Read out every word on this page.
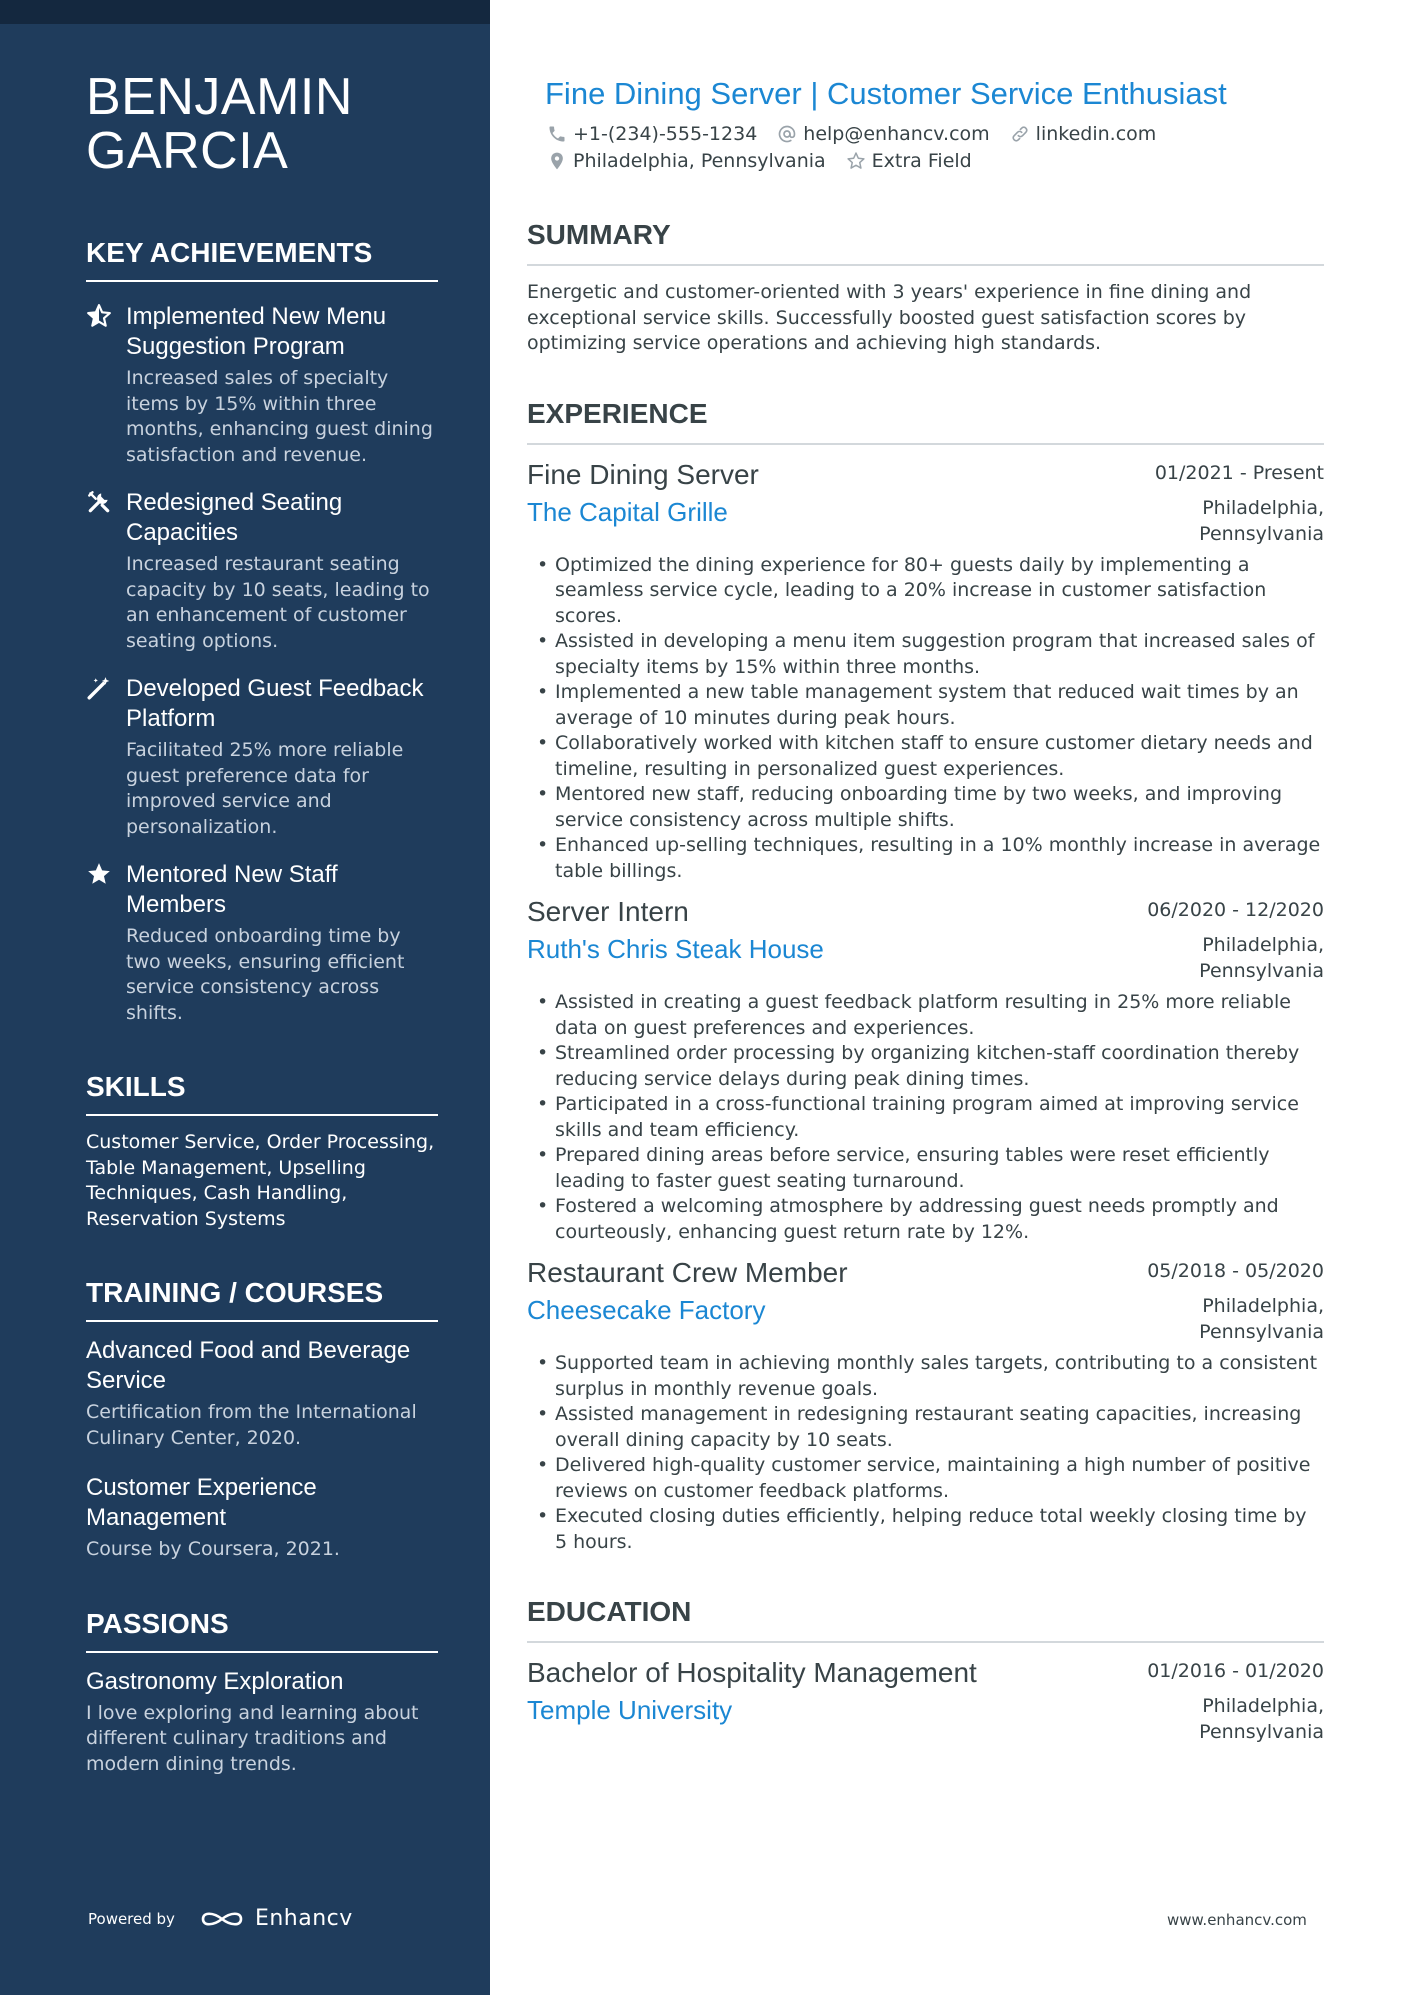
BENJAMIN GARCIA
KEY ACHIEVEMENTS
Implemented New Menu Suggestion Program
Increased sales of specialty items by 15% within three months, enhancing guest dining satisfaction and revenue.
Redesigned Seating Capacities
Increased restaurant seating capacity by 10 seats, leading to an enhancement of customer seating options.
Developed Guest Feedback Platform
Facilitated 25% more reliable guest preference data for improved service and personalization.
Mentored New Staff Members
Reduced onboarding time by two weeks, ensuring efficient service consistency across shifts.
SKILLS
Customer Service, Order Processing, Table Management, Upselling Techniques, Cash Handling, Reservation Systems
TRAINING / COURSES
Advanced Food and Beverage Service
Certification from the International Culinary Center, 2020.
Customer Experience Management
Course by Coursera, 2021.
PASSIONS
Gastronomy Exploration
I love exploring and learning about different culinary traditions and modern dining trends.
Powered by	Enhancv
Fine Dining Server | Customer Service Enthusiast
+1-(234)-555-1234 help@enhancv.com linkedin.com
Philadelphia, Pennsylvania Extra Field
SUMMARY

Energetic and customer-oriented with 3 years' experience in fine dining and exceptional service skills. Successfully boosted guest satisfaction scores by optimizing service operations and achieving high standards.

EXPERIENCE
Fine Dining Server	01/2021 - Present
The Capital Grille	Philadelphia, Pennsylvania
• Optimized the dining experience for 80+ guests daily by implementing a seamless service cycle, leading to a 20% increase in customer satisfaction scores.
• Assisted in developing a menu item suggestion program that increased sales of specialty items by 15% within three months.
• Implemented a new table management system that reduced wait times by an average of 10 minutes during peak hours.
• Collaboratively worked with kitchen staff to ensure customer dietary needs and timeline, resulting in personalized guest experiences.
• Mentored new staff, reducing onboarding time by two weeks, and improving service consistency across multiple shifts.
• Enhanced up-selling techniques, resulting in a 10% monthly increase in average table billings.
Server Intern	06/2020 - 12/2020
Ruth's Chris Steak House	Philadelphia, Pennsylvania
• Assisted in creating a guest feedback platform resulting in 25% more reliable data on guest preferences and experiences.
• Streamlined order processing by organizing kitchen-staff coordination thereby reducing service delays during peak dining times.
• Participated in a cross-functional training program aimed at improving service skills and team efficiency.
• Prepared dining areas before service, ensuring tables were reset efficiently leading to faster guest seating turnaround.
• Fostered a welcoming atmosphere by addressing guest needs promptly and courteously, enhancing guest return rate by 12%.
Restaurant Crew Member	05/2018 - 05/2020
Cheesecake Factory	Philadelphia, Pennsylvania
• Supported team in achieving monthly sales targets, contributing to a consistent surplus in monthly revenue goals.
• Assisted management in redesigning restaurant seating capacities, increasing overall dining capacity by 10 seats.
• Delivered high-quality customer service, maintaining a high number of positive reviews on customer feedback platforms.
• Executed closing duties efficiently, helping reduce total weekly closing time by 5 hours.
EDUCATION
Bachelor of Hospitality Management	01/2016 - 01/2020
Temple University	Philadelphia, Pennsylvania
www.enhancv.com
